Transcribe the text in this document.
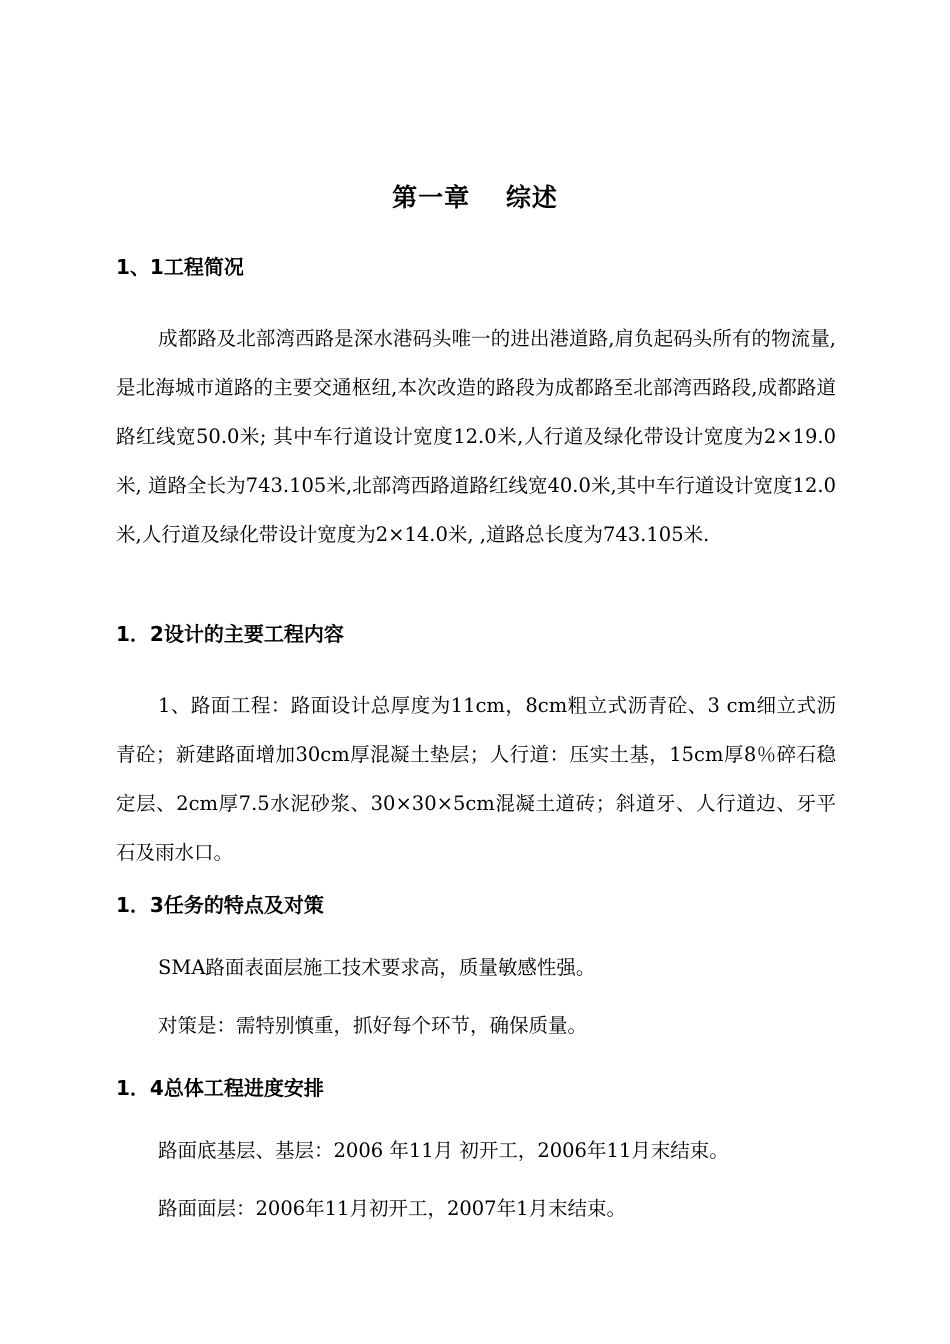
第一章　 综述
1、1工程简况

成都路及北部湾西路是深水港码头唯一的进出港道路,肩负起码头所有的物流量,是北海城市道路的主要交通枢纽,本次改造的路段为成都路至北部湾西路段,成都路道路红线宽50.0米; 其中车行道设计宽度12.0米,人行道及绿化带设计宽度为2×19.0米, 道路全长为743.105米,北部湾西路道路红线宽40.0米,其中车行道设计宽度12.0米,人行道及绿化带设计宽度为2×14.0米, ,道路总长度为743.105米.

1．2设计的主要工程内容

1、路面工程：路面设计总厚度为11cm，8cm粗立式沥青砼、3 cm细立式沥青砼；新建路面增加30cm厚混凝土垫层；人行道：压实土基，15cm厚8％碎石稳定层、2cm厚7.5水泥砂浆、30×30×5cm混凝土道砖；斜道牙、人行道边、牙平石及雨水口。

1．3任务的特点及对策

SMA路面表面层施工技术要求高，质量敏感性强。

对策是：需特别慎重，抓好每个环节，确保质量。

1．4总体工程进度安排

路面底基层、基层：2006 年11月 初开工，2006年11月末结束。

路面面层：2006年11月初开工，2007年1月末结束。
